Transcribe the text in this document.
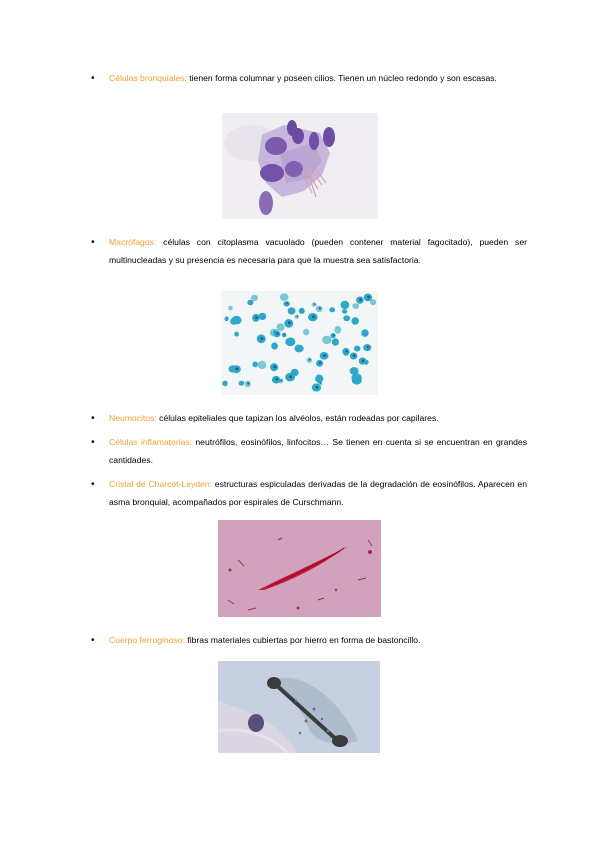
• Células bronquiales: tienen forma columnar y poseen cilios. Tienen un núcleo redondo y son escasas.
• Macrófagos: células con citoplasma vacuolado (pueden contener material fagocitado), pueden ser multinucleadas y su presencia es necesaria para que la muestra sea satisfactoria.
• Neumocitos: células epiteliales que tapizan los alvéolos, están rodeadas por capilares.
• Células inflamatorias: neutrófilos, eosinófilos, linfocitos… Se tienen en cuenta si se encuentran en grandes cantidades.
• Cristal de Charcot-Leyden: estructuras espiculadas derivadas de la degradación de eosinófilos. Aparecen en asma bronquial, acompañados por espirales de Curschmann.
• Cuerpo ferruginoso: fibras materiales cubiertas por hierro en forma de bastoncillo.
